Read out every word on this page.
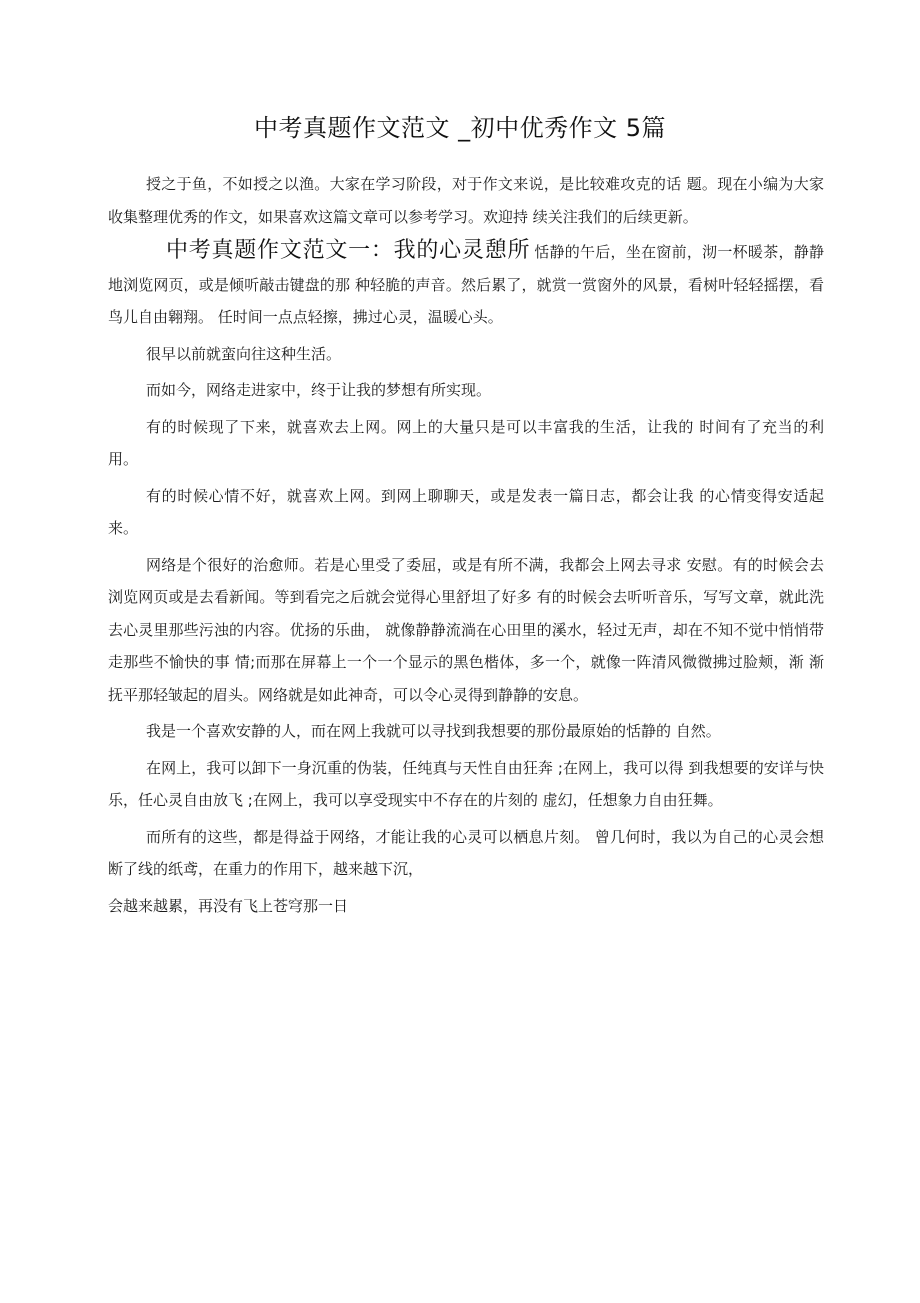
中考真题作文范文 _初中优秀作文 5篇

授之于鱼，不如授之以渔。大家在学习阶段，对于作文来说，是比较难攻克的话 题。现在小编为大家收集整理优秀的作文，如果喜欢这篇文章可以参考学习。欢迎持 续关注我们的后续更新。

中考真题作文范文一：我的心灵憩所 恬静的午后，坐在窗前，沏一杯暖茶，静静地浏览网页，或是倾听敲击键盘的那 种轻脆的声音。然后累了，就赏一赏窗外的风景，看树叶轻轻摇摆，看鸟儿自由翱翔。 任时间一点点轻擦，拂过心灵，温暖心头。

很早以前就蛮向往这种生活。

而如今，网络走进家中，终于让我的梦想有所实现。

有的时候现了下来，就喜欢去上网。网上的大量只是可以丰富我的生活，让我的 时间有了充当的利用。

有的时候心情不好，就喜欢上网。到网上聊聊天，或是发表一篇日志，都会让我 的心情变得安适起来。

网络是个很好的治愈师。若是心里受了委屈，或是有所不满，我都会上网去寻求 安慰。有的时候会去浏览网页或是去看新闻。等到看完之后就会觉得心里舒坦了好多 有的时候会去听听音乐，写写文章，就此洗去心灵里那些污浊的内容。优扬的乐曲， 就像静静流淌在心田里的溪水，轻过无声，却在不知不觉中悄悄带走那些不愉快的事 情;而那在屏幕上一个一个显示的黑色楷体，多一个，就像一阵清风微微拂过脸颊，渐 渐抚平那轻皱起的眉头。网络就是如此神奇，可以令心灵得到静静的安息。

我是一个喜欢安静的人，而在网上我就可以寻找到我想要的那份最原始的恬静的 自然。

在网上，我可以卸下一身沉重的伪装，任纯真与天性自由狂奔 ;在网上，我可以得 到我想要的安详与快乐，任心灵自由放飞 ;在网上，我可以享受现实中不存在的片刻的 虚幻，任想象力自由狂舞。

而所有的这些，都是得益于网络，才能让我的心灵可以栖息片刻。 曾几何时，我以为自己的心灵会想断了线的纸鸢，在重力的作用下，越来越下沉，

会越来越累，再没有飞上苍穹那一日
